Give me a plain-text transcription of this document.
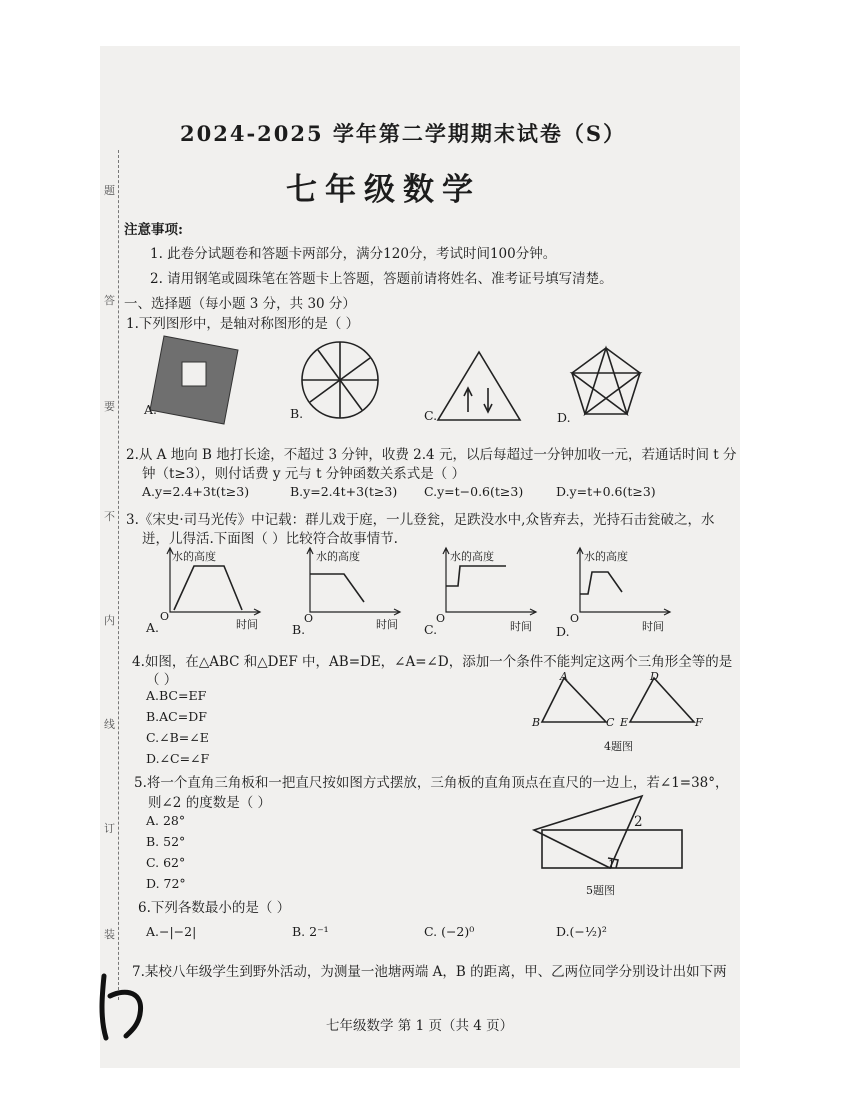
题
答
要
不
内
线
订
装
2024-2025 学年第二学期期末试卷（S）
七年级数学
注意事项:
1. 此卷分试题卷和答题卡两部分，满分120分，考试时间100分钟。
2. 请用钢笔或圆珠笔在答题卡上答题，答题前请将姓名、准考证号填写清楚。
一、选择题（每小题 3 分，共 30 分）
1.下列图形中，是轴对称图形的是（ ）
A.	B.	C.	D.
2.从 A 地向 B 地打长途，不超过 3 分钟，收费 2.4 元，以后每超过一分钟加收一元，若通话时间 t 分
钟（t≥3），则付话费 y 元与 t 分钟函数关系式是（ ）
A.y=2.4+3t(t≥3)	B.y=2.4t+3(t≥3) C.y=t−0.6(t≥3)	D.y=t+0.6(t≥3)
3.《宋史·司马光传》中记载：群儿戏于庭，一儿登瓮，足跌没水中,众皆弃去，光持石击瓮破之，水
迸，儿得活.下面图（ ）比较符合故事情节.
水的高度	水的高度	水的高度	水的高度
时间	时间	时间	时间
O	O	O	O
A.	B.	C.	D.
4.如图，在△ABC 和△DEF 中，AB=DE，∠A=∠D，添加一个条件不能判定这两个三角形全等的是
（ ）
A.BC=EF
B.AC=DF
C.∠B=∠E
D.∠C=∠F
A
B	C
D
E	F
4题图
5.将一个直角三角板和一把直尺按如图方式摆放，三角板的直角顶点在直尺的一边上，若∠1=38°，
则∠2 的度数是（ ）
A. 28°
B. 52°
C. 62°
D. 72°
1
2
5题图
6.下列各数最小的是（ ）
A.−|−2|	B. 2⁻¹	C. (−2)⁰	D.(−½)²
7.某校八年级学生到野外活动，为测量一池塘两端 A，B 的距离，甲、乙两位同学分别设计出如下两
七年级数学 第 1 页（共 4 页）
